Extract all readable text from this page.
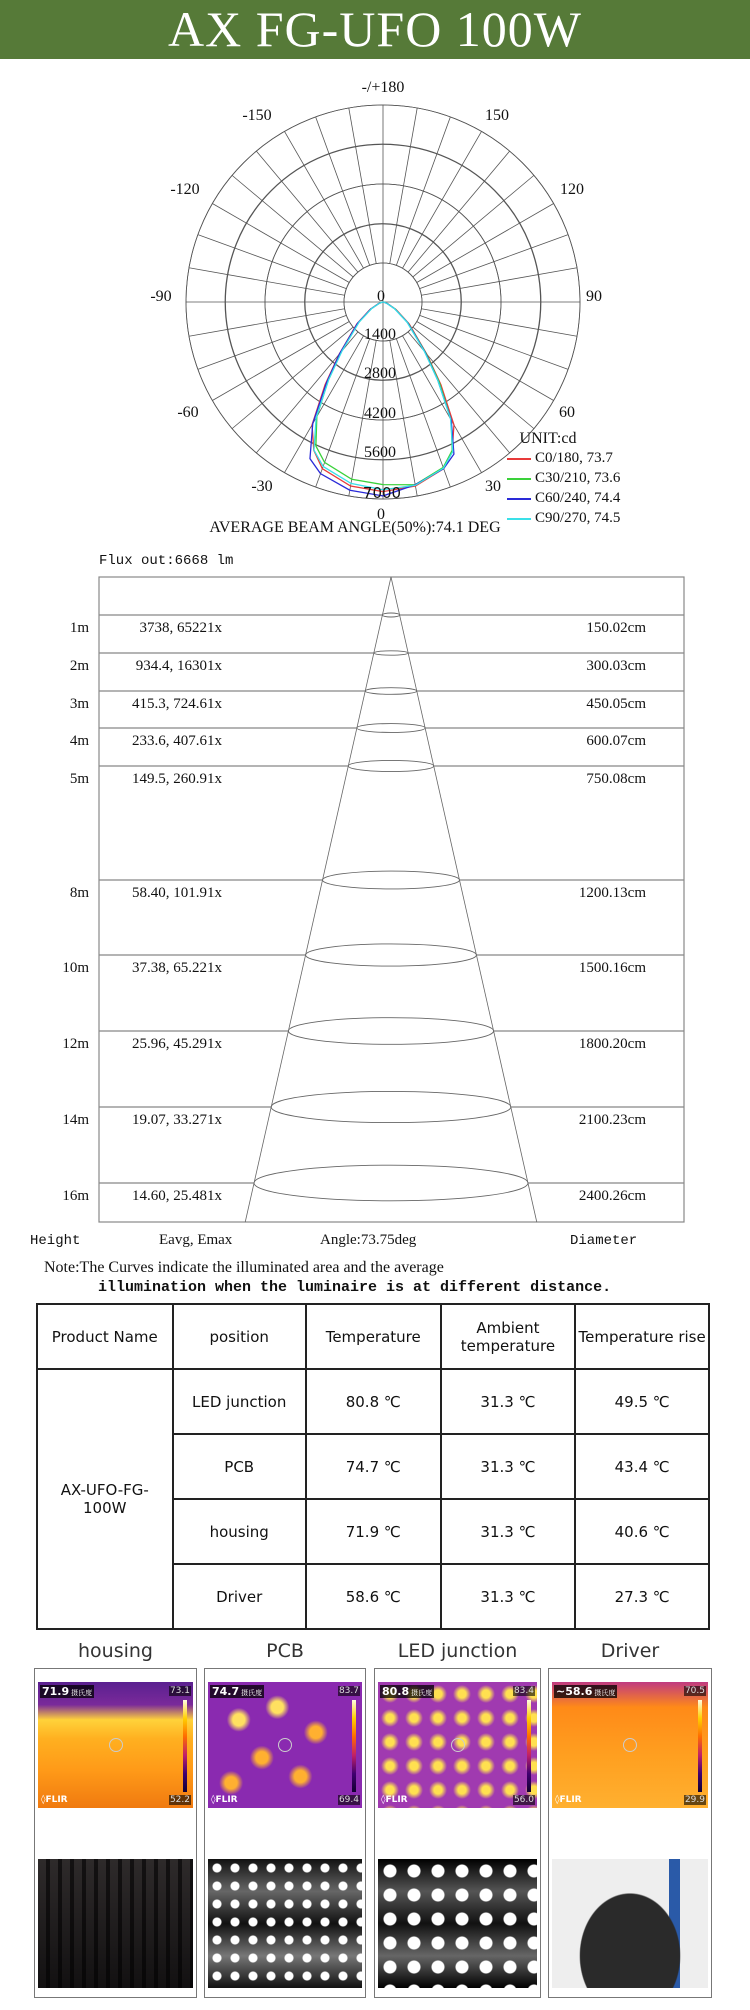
AX FG-UFO 100W
-/+180
-150	150
-120	120
-90	90
-60	60
-30	30
0
0
1400
2800
4200
5600
7000
UNIT:cd
C0/180, 73.7
C30/210, 73.6
C60/240, 74.4
C90/270, 74.5
AVERAGE BEAM ANGLE(50%):74.1 DEG
Flux out:6668 lm
1m	3738, 65221x	150.02cm
2m	934.4, 16301x	300.03cm
3m	415.3, 724.61x	450.05cm
4m	233.6, 407.61x	600.07cm
5m	149.5, 260.91x	750.08cm
8m	58.40, 101.91x	1200.13cm
10m	37.38, 65.221x	1500.16cm
12m	25.96, 45.291x	1800.20cm
14m	19.07, 33.271x	2100.23cm
16m	14.60, 25.481x	2400.26cm
Height	Eavg, Emax	Angle:73.75deg	Diameter
Note:The Curves indicate the illuminated area and the average
illumination when the luminaire is at different distance.
Product Name	position	Temperature	Ambient temperature	Temperature rise
AX-UFO-FG-100W	LED junction	80.8 ℃	31.3 ℃	49.5 ℃
	PCB	74.7 ℃	31.3 ℃	43.4 ℃
	housing	71.9 ℃	31.3 ℃	40.6 ℃
	Driver	58.6 ℃	31.3 ℃	27.3 ℃
housing	PCB	LED junction	Driver
71.9 摄氏度	73.1
52.2
◊FLIR
74.7 摄氏度	83.7
69.4
◊FLIR
80.8 摄氏度	83.4
56.0
◊FLIR
~58.6 摄氏度	70.5
29.9
◊FLIR
